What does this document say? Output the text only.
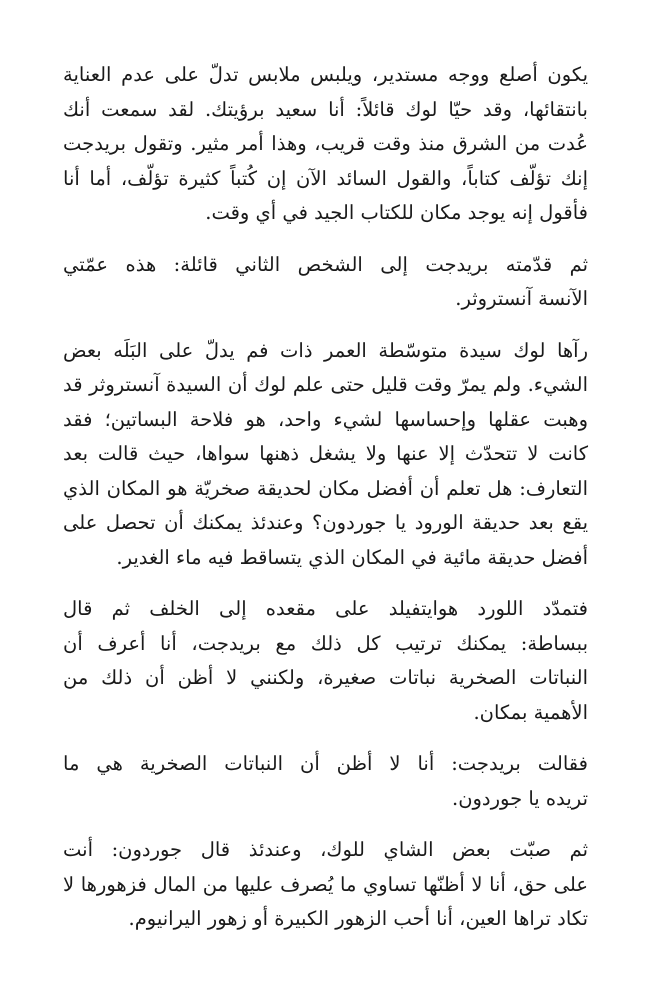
يكون أصلع ووجه مستدير، ويلبس ملابس تدلّ على عدم العناية
بانتقائها، وقد حيّا لوك قائلاً: أنا سعيد برؤيتك. لقد سمعت أنك
عُدت من الشرق منذ وقت قريب، وهذا أمر مثير. وتقول بريدجت
إنك تؤلّف كتاباً، والقول السائد الآن إن كُتباً كثيرة تؤلّف، أما أنا
فأقول إنه يوجد مكان للكتاب الجيد في أي وقت.

ثم قدّمته بريدجت إلى الشخص الثاني قائلة: هذه عمّتي
الآنسة آنستروثر.

رآها لوك سيدة متوسّطة العمر ذات فم يدلّ على البَلَه بعض
الشيء. ولم يمرّ وقت قليل حتى علم لوك أن السيدة آنستروثر قد
وهبت عقلها وإحساسها لشيء واحد، هو فلاحة البساتين؛ فقد
كانت لا تتحدّث إلا عنها ولا يشغل ذهنها سواها، حيث قالت بعد
التعارف: هل تعلم أن أفضل مكان لحديقة صخريّة هو المكان الذي
يقع بعد حديقة الورود يا جوردون؟ وعندئذ يمكنك أن تحصل على
أفضل حديقة مائية في المكان الذي يتساقط فيه ماء الغدير.

فتمدّد اللورد هوايتفيلد على مقعده إلى الخلف ثم قال
ببساطة: يمكنك ترتيب كل ذلك مع بريدجت، أنا أعرف أن
النباتات الصخرية نباتات صغيرة، ولكنني لا أظن أن ذلك من
الأهمية بمكان.

فقالت بريدجت: أنا لا أظن أن النباتات الصخرية هي ما
تريده يا جوردون.

ثم صبّت بعض الشاي للوك، وعندئذ قال جوردون: أنت
على حق، أنا لا أظنّها تساوي ما يُصرف عليها من المال فزهورها لا
تكاد تراها العين، أنا أحب الزهور الكبيرة أو زهور اليرانيوم.
